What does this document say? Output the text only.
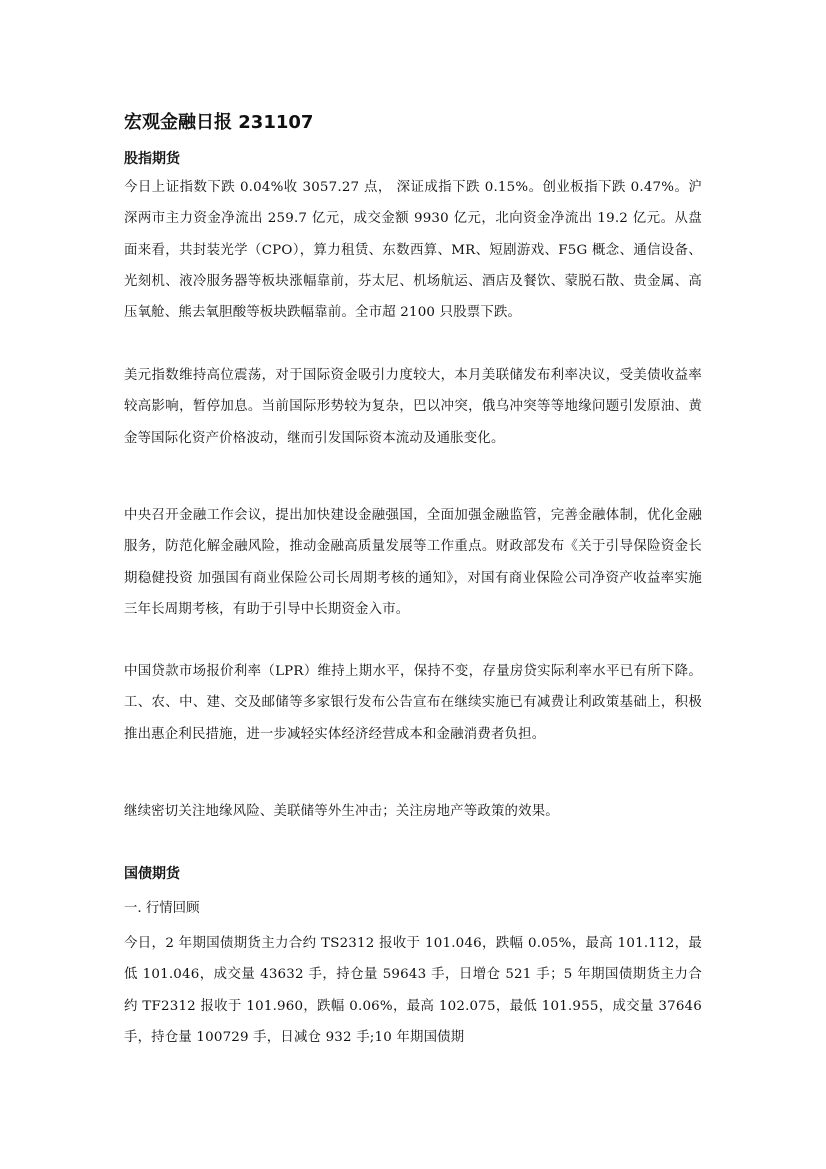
宏观金融日报 231107
股指期货

今日上证指数下跌 0.04%收 3057.27 点， 深证成指下跌 0.15%。创业板指下跌 0.47%。沪深两市主力资金净流出 259.7 亿元，成交金额 9930 亿元，北向资金净流出 19.2 亿元。从盘面来看，共封装光学（CPO），算力租赁、东数西算、MR、短剧游戏、F5G 概念、通信设备、光刻机、液冷服务器等板块涨幅靠前，芬太尼、机场航运、酒店及餐饮、蒙脱石散、贵金属、高压氧舱、熊去氧胆酸等板块跌幅靠前。全市超 2100 只股票下跌。

美元指数维持高位震荡，对于国际资金吸引力度较大，本月美联储发布利率决议，受美债收益率较高影响，暂停加息。当前国际形势较为复杂，巴以冲突，俄乌冲突等等地缘问题引发原油、黄金等国际化资产价格波动，继而引发国际资本流动及通胀变化。

中央召开金融工作会议，提出加快建设金融强国，全面加强金融监管，完善金融体制，优化金融服务，防范化解金融风险，推动金融高质量发展等工作重点。财政部发布《关于引导保险资金长期稳健投资 加强国有商业保险公司长周期考核的通知》，对国有商业保险公司净资产收益率实施三年长周期考核，有助于引导中长期资金入市。

中国贷款市场报价利率（LPR）维持上期水平，保持不变，存量房贷实际利率水平已有所下降。工、农、中、建、交及邮储等多家银行发布公告宣布在继续实施已有减费让利政策基础上，积极推出惠企利民措施，进一步减轻实体经济经营成本和金融消费者负担。

继续密切关注地缘风险、美联储等外生冲击；关注房地产等政策的效果。

国债期货

一. 行情回顾

今日，2 年期国债期货主力合约 TS2312 报收于 101.046，跌幅 0.05%，最高 101.112，最低 101.046，成交量 43632 手，持仓量 59643 手，日增仓 521 手；5 年期国债期货主力合约 TF2312 报收于 101.960，跌幅 0.06%，最高 102.075，最低 101.955，成交量 37646 手，持仓量 100729 手，日减仓 932 手;10 年期国债期
